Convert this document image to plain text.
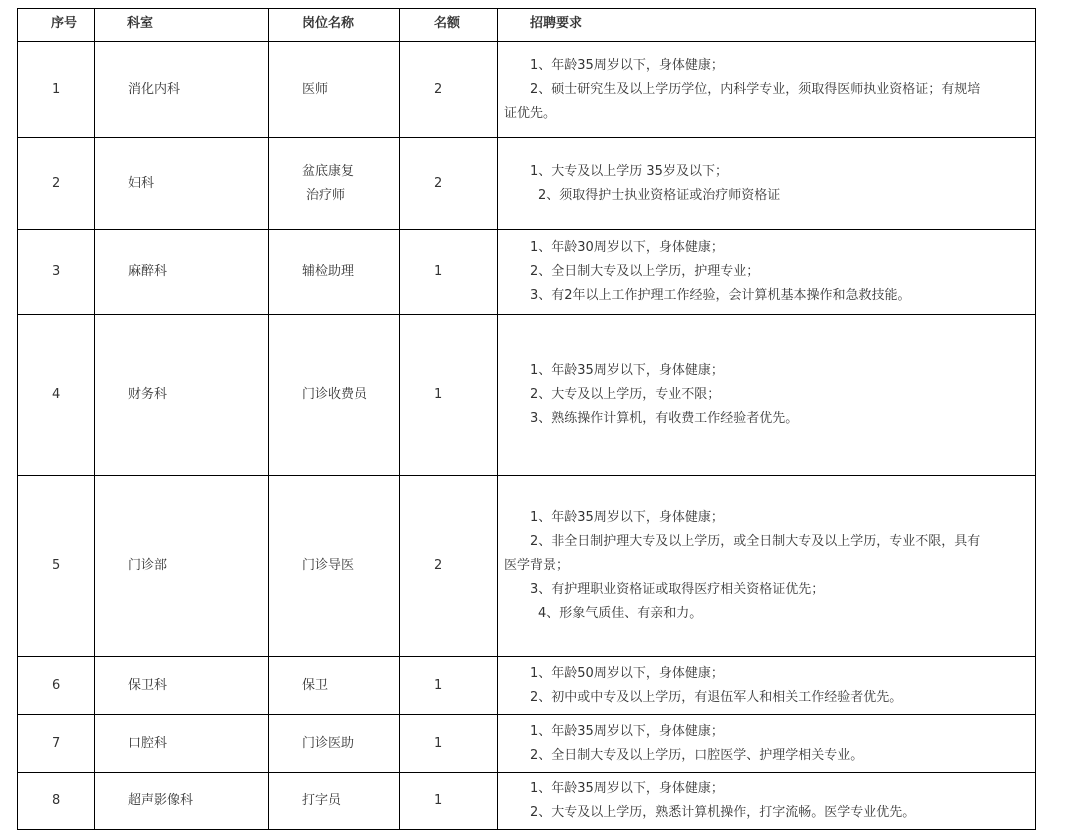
序号	科室	岗位名称	名额	招聘要求
1	消化内科	医师	2	1、年龄35周岁以下，身体健康；
2、硕士研究生及以上学历学位，内科学专业，须取得医师执业资格证；有规培
证优先。

2	妇科	盆底康复
治疗师	2	1、大专及以上学历 35岁及以下；
2、须取得护士执业资格证或治疗师资格证

3	麻醉科	辅检助理	1	1、年龄30周岁以下，身体健康；
2、全日制大专及以上学历，护理专业；
3、有2年以上工作护理工作经验，会计算机基本操作和急救技能。

4	财务科	门诊收费员	1	1、年龄35周岁以下，身体健康；
2、大专及以上学历，专业不限；
3、熟练操作计算机，有收费工作经验者优先。

5	门诊部	门诊导医	2	1、年龄35周岁以下，身体健康；
2、非全日制护理大专及以上学历，或全日制大专及以上学历，专业不限，具有
医学背景；
3、有护理职业资格证或取得医疗相关资格证优先；
4、形象气质佳、有亲和力。

6	保卫科	保卫	1	1、年龄50周岁以下，身体健康；
2、初中或中专及以上学历，有退伍军人和相关工作经验者优先。

7	口腔科	门诊医助	1	1、年龄35周岁以下，身体健康；
2、全日制大专及以上学历，口腔医学、护理学相关专业。

8	超声影像科	打字员	1	1、年龄35周岁以下，身体健康；
2、大专及以上学历，熟悉计算机操作，打字流畅。医学专业优先。
